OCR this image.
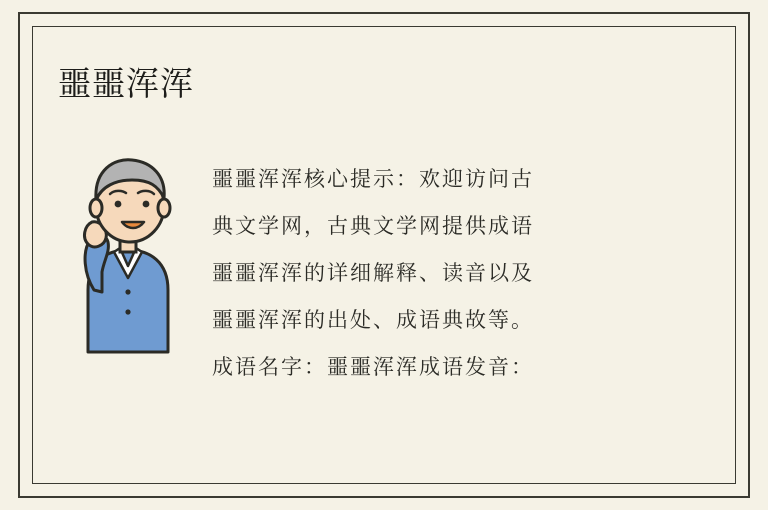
噩噩浑浑
噩噩浑浑核心提示：欢迎访问古
典文学网，古典文学网提供成语
噩噩浑浑的详细解释、读音以及
噩噩浑浑的出处、成语典故等。
成语名字：噩噩浑浑成语发音：
